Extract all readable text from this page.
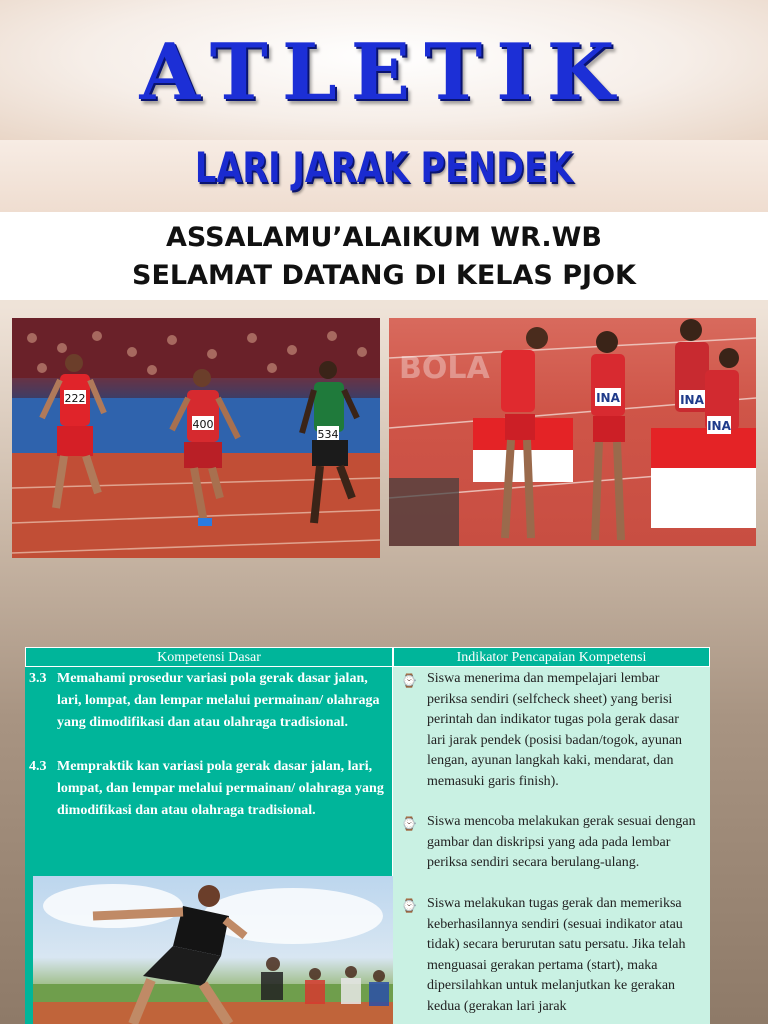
ATLETIK
LARI JARAK PENDEK
ASSALAMU’ALAIKUM WR.WB
SELAMAT DATANG DI KELAS PJOK
222
400
534
BOLA
INA	INA
INA
Kompetensi Dasar	Indikator Pencapaian Kompetensi
3.3 Memahami prosedur variasi pola gerak dasar jalan, lari, lompat, dan lempar melalui permainan/ olahraga yang dimodifikasi dan atau olahraga tradisional.
4.3 Mempraktik kan variasi pola gerak dasar jalan, lari, lompat, dan lempar melalui permainan/ olahraga yang dimodifikasi dan atau olahraga tradisional.
⌚ Siswa menerima dan mempelajari lembar periksa sendiri (selfcheck sheet) yang berisi perintah dan indikator tugas pola gerak dasar lari jarak pendek (posisi badan/togok, ayunan lengan, ayunan langkah kaki, mendarat, dan memasuki garis finish).
⌚ Siswa mencoba melakukan gerak sesuai dengan gambar dan diskripsi yang ada pada lembar periksa sendiri secara berulang-ulang.
⌚ Siswa melakukan tugas gerak dan memeriksa keberhasilannya sendiri (sesuai indikator atau tidak) secara berurutan satu persatu. Jika telah menguasai gerakan pertama (start), maka dipersilahkan untuk melanjutkan ke gerakan kedua (gerakan lari jarak
